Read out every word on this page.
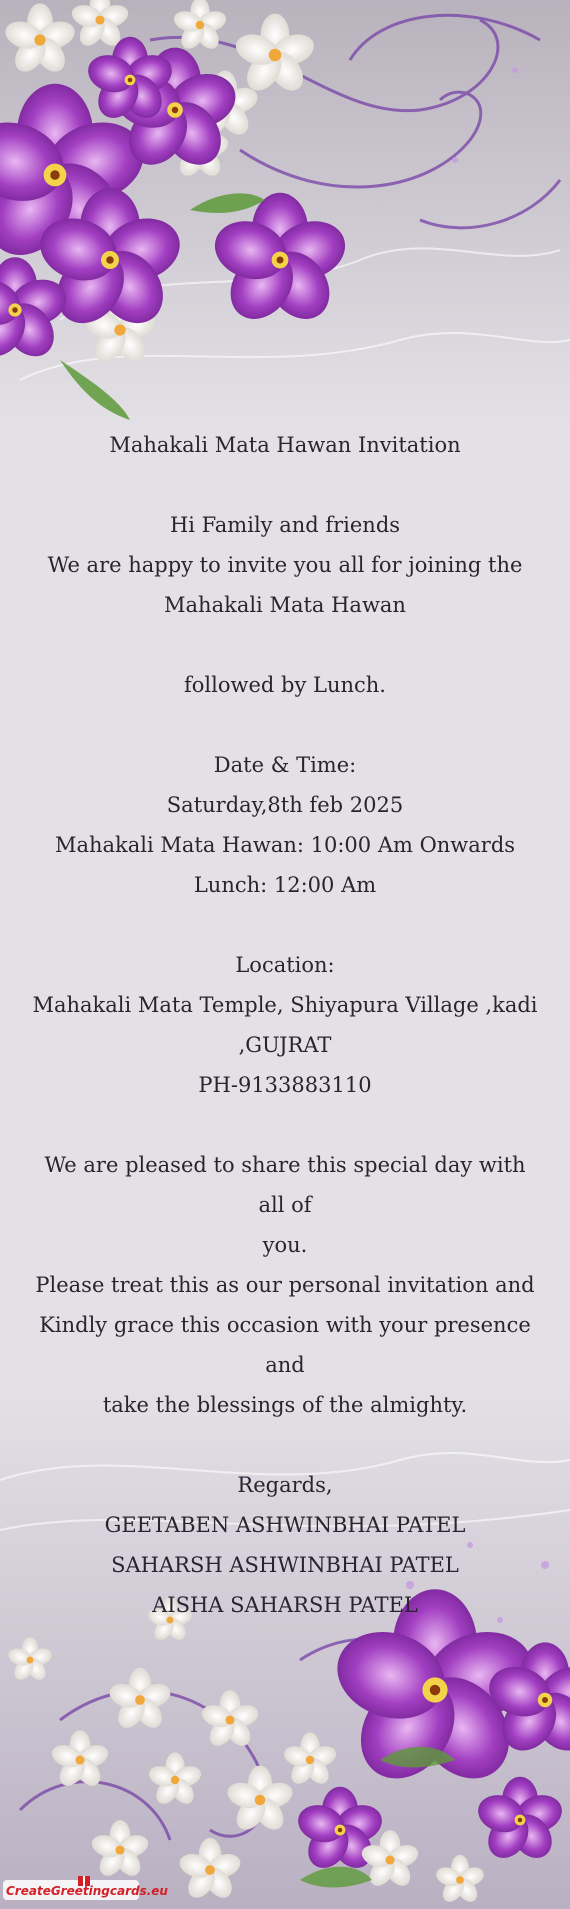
Mahakali Mata Hawan Invitation
Hi Family and friends
We are happy to invite you all for joining the
Mahakali Mata Hawan
followed by Lunch.
Date & Time:
Saturday,8th feb 2025
Mahakali Mata Hawan: 10:00 Am Onwards
Lunch: 12:00 Am
Location:
Mahakali Mata Temple, Shiyapura Village ,kadi
,GUJRAT
PH-9133883110
We are pleased to share this special day with all of
you.
Please treat this as our personal invitation and
Kindly grace this occasion with your presence and
take the blessings of the almighty.
Regards,
GEETABEN ASHWINBHAI PATEL
SAHARSH ASHWINBHAI PATEL
AISHA SAHARSH PATEL
CreateGreetingcards.eu
